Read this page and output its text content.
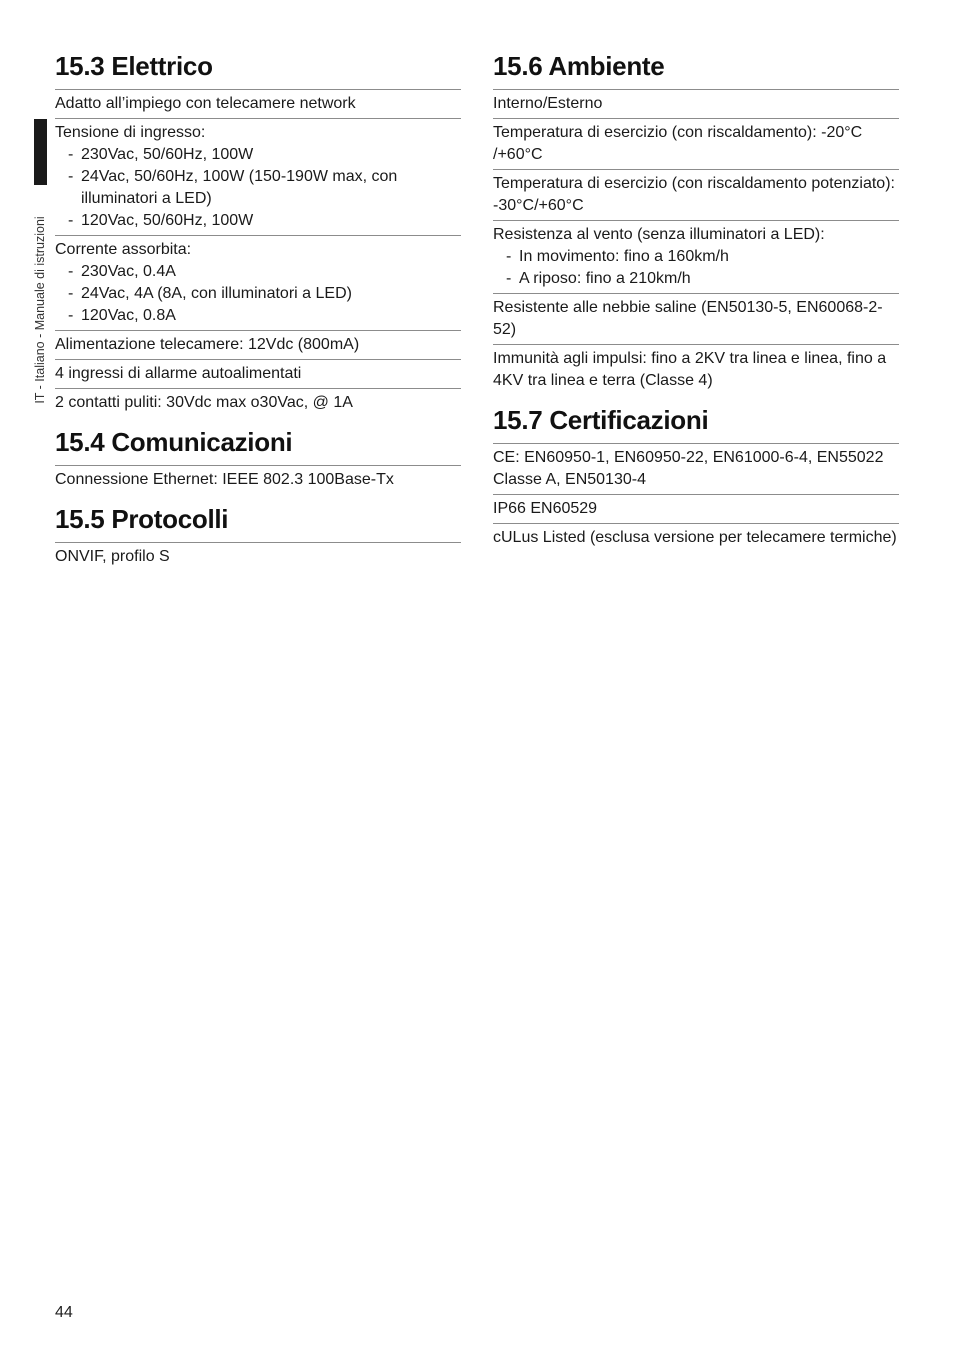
IT - Italiano - Manuale di istruzioni
15.3 Elettrico
Adatto all’impiego con telecamere network
Tensione di ingresso:
- 230Vac, 50/60Hz, 100W
- 24Vac, 50/60Hz, 100W (150-190W max, con illuminatori a LED)
- 120Vac, 50/60Hz, 100W
Corrente assorbita:
- 230Vac, 0.4A
- 24Vac, 4A (8A, con illuminatori a LED)
- 120Vac, 0.8A
Alimentazione telecamere: 12Vdc (800mA)
4 ingressi di allarme autoalimentati
2 contatti puliti: 30Vdc max o30Vac, @ 1A
15.4 Comunicazioni
Connessione Ethernet: IEEE 802.3 100Base-Tx
15.5 Protocolli
ONVIF, profilo S
15.6 Ambiente
Interno/Esterno
Temperatura di esercizio (con riscaldamento): -20°C /+60°C
Temperatura di esercizio (con riscaldamento potenziato): -30°C/+60°C
Resistenza al vento (senza illuminatori a LED):
- In movimento: fino a 160km/h
- A riposo: fino a 210km/h
Resistente alle nebbie saline (EN50130-5, EN60068-2-52)
Immunità agli impulsi: fino a 2KV tra linea e linea, fino a 4KV tra linea e terra (Classe 4)
15.7 Certificazioni
CE: EN60950-1, EN60950-22, EN61000-6-4, EN55022 Classe A, EN50130-4
IP66 EN60529
cULus Listed (esclusa versione per telecamere termiche)
44
